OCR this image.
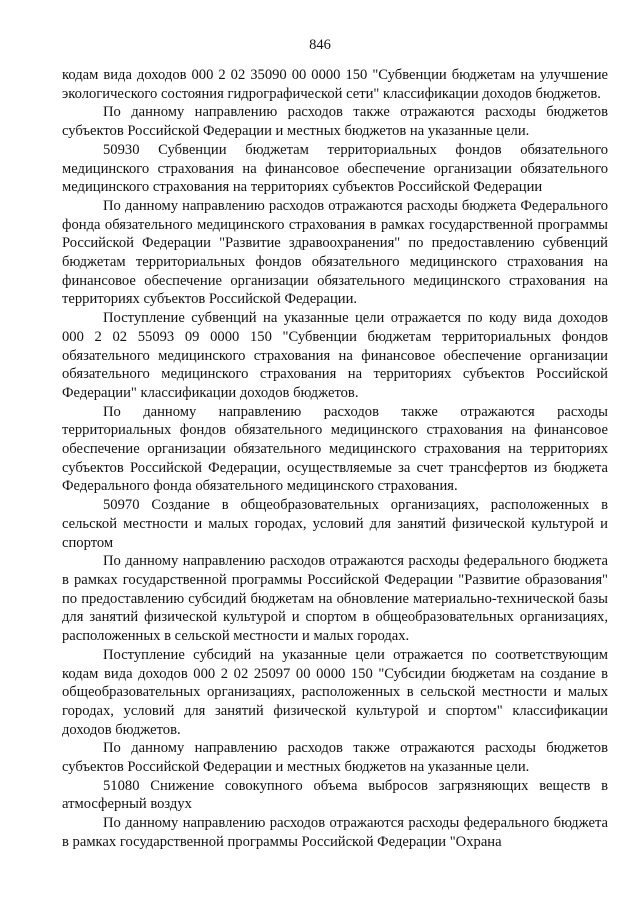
846

кодам вида доходов 000 2 02 35090 00 0000 150 "Субвенции бюджетам на улучшение экологического состояния гидрографической сети" классификации доходов бюджетов.

По данному направлению расходов также отражаются расходы бюджетов субъектов Российской Федерации и местных бюджетов на указанные цели.

50930 Субвенции бюджетам территориальных фондов обязательного медицинского страхования на финансовое обеспечение организации обязательного медицинского страхования на территориях субъектов Российской Федерации

По данному направлению расходов отражаются расходы бюджета Федерального фонда обязательного медицинского страхования в рамках государственной программы Российской Федерации "Развитие здравоохранения" по предоставлению субвенций бюджетам территориальных фондов обязательного медицинского страхования на финансовое обеспечение организации обязательного медицинского страхования на территориях субъектов Российской Федерации.

Поступление субвенций на указанные цели отражается по коду вида доходов 000 2 02 55093 09 0000 150 "Субвенции бюджетам территориальных фондов обязательного медицинского страхования на финансовое обеспечение организации обязательного медицинского страхования на территориях субъектов Российской Федерации" классификации доходов бюджетов.

По данному направлению расходов также отражаются расходы территориальных фондов обязательного медицинского страхования на финансовое обеспечение организации обязательного медицинского страхования на территориях субъектов Российской Федерации, осуществляемые за счет трансфертов из бюджета Федерального фонда обязательного медицинского страхования.

50970 Создание в общеобразовательных организациях, расположенных в сельской местности и малых городах, условий для занятий физической культурой и спортом

По данному направлению расходов отражаются расходы федерального бюджета в рамках государственной программы Российской Федерации "Развитие образования" по предоставлению субсидий бюджетам на обновление материально-технической базы для занятий физической культурой и спортом в общеобразовательных организациях, расположенных в сельской местности и малых городах.

Поступление субсидий на указанные цели отражается по соответствующим кодам вида доходов 000 2 02 25097 00 0000 150 "Субсидии бюджетам на создание в общеобразовательных организациях, расположенных в сельской местности и малых городах, условий для занятий физической культурой и спортом" классификации доходов бюджетов.

По данному направлению расходов также отражаются расходы бюджетов субъектов Российской Федерации и местных бюджетов на указанные цели.

51080 Снижение совокупного объема выбросов загрязняющих веществ в атмосферный воздух

По данному направлению расходов отражаются расходы федерального бюджета в рамках государственной программы Российской Федерации "Охрана
